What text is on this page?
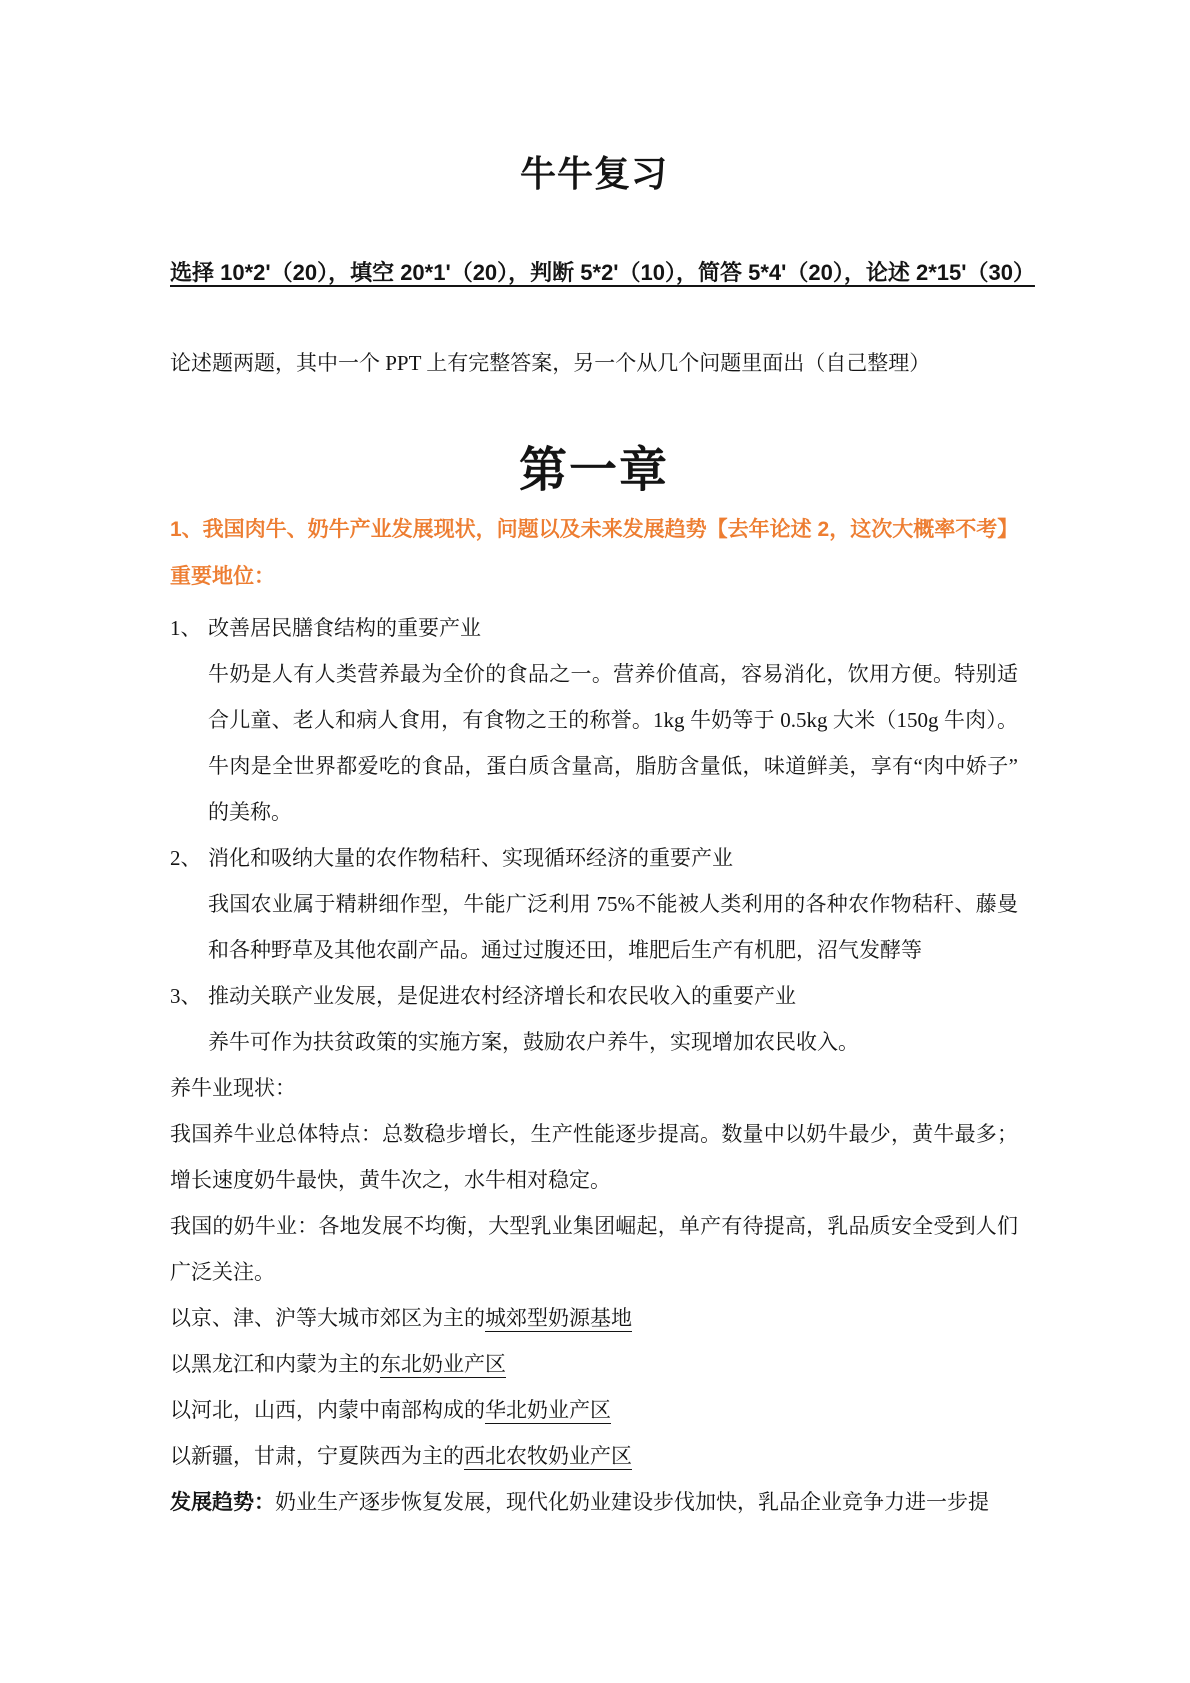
牛牛复习

选择 10*2'（20），填空 20*1'（20），判断 5*2'（10），简答 5*4'（20），论述 2*15'（30）

论述题两题，其中一个 PPT 上有完整答案，另一个从几个问题里面出（自己整理）

第一章

1、我国肉牛、奶牛产业发展现状，问题以及未来发展趋势【去年论述 2，这次大概率不考】

重要地位：

1、 改善居民膳食结构的重要产业

牛奶是人有人类营养最为全价的食品之一。营养价值高，容易消化，饮用方便。特别适合儿童、老人和病人食用，有食物之王的称誉。1kg 牛奶等于 0.5kg 大米（150g 牛肉）。牛肉是全世界都爱吃的食品，蛋白质含量高，脂肪含量低，味道鲜美，享有“肉中娇子”的美称。

2、 消化和吸纳大量的农作物秸秆、实现循环经济的重要产业

我国农业属于精耕细作型，牛能广泛利用 75%不能被人类利用的各种农作物秸秆、藤曼和各种野草及其他农副产品。通过过腹还田，堆肥后生产有机肥，沼气发酵等

3、 推动关联产业发展，是促进农村经济增长和农民收入的重要产业

养牛可作为扶贫政策的实施方案，鼓励农户养牛，实现增加农民收入。

养牛业现状：

我国养牛业总体特点：总数稳步增长，生产性能逐步提高。数量中以奶牛最少，黄牛最多；增长速度奶牛最快，黄牛次之，水牛相对稳定。

我国的奶牛业：各地发展不均衡，大型乳业集团崛起，单产有待提高，乳品质安全受到人们广泛关注。

以京、津、沪等大城市郊区为主的城郊型奶源基地

以黑龙江和内蒙为主的东北奶业产区

以河北，山西，内蒙中南部构成的华北奶业产区

以新疆，甘肃，宁夏陕西为主的西北农牧奶业产区

发展趋势：奶业生产逐步恢复发展，现代化奶业建设步伐加快，乳品企业竞争力进一步提
